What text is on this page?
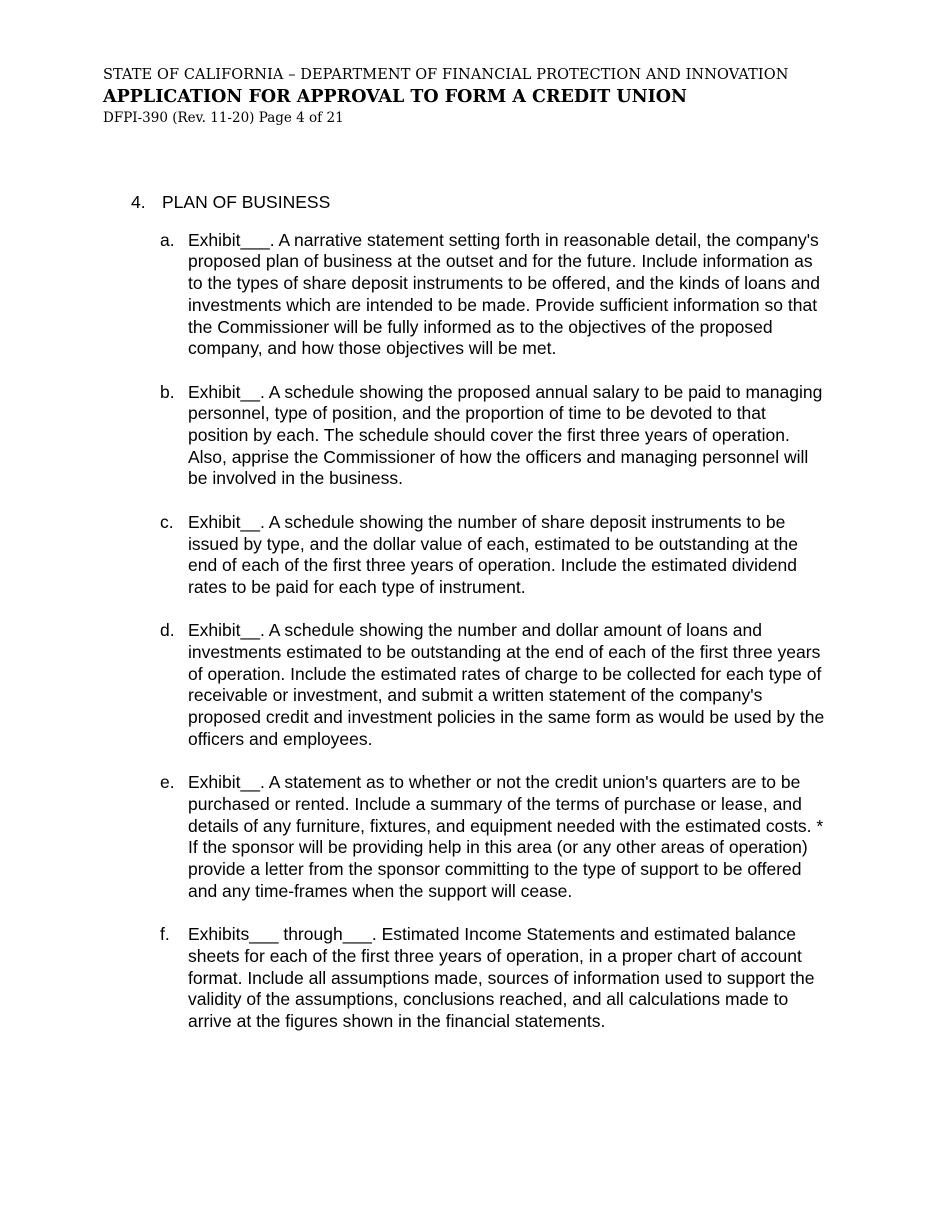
STATE OF CALIFORNIA – DEPARTMENT OF FINANCIAL PROTECTION AND INNOVATION
APPLICATION FOR APPROVAL TO FORM A CREDIT UNION
DFPI-390 (Rev. 11-20) Page 4 of 21
4. PLAN OF BUSINESS
a. Exhibit___. A narrative statement setting forth in reasonable detail, the company's
proposed plan of business at the outset and for the future. Include information as
to the types of share deposit instruments to be offered, and the kinds of loans and
investments which are intended to be made. Provide sufficient information so that
the Commissioner will be fully informed as to the objectives of the proposed
company, and how those objectives will be met.
b. Exhibit__. A schedule showing the proposed annual salary to be paid to managing
personnel, type of position, and the proportion of time to be devoted to that
position by each. The schedule should cover the first three years of operation.
Also, apprise the Commissioner of how the officers and managing personnel will
be involved in the business.
c. Exhibit__. A schedule showing the number of share deposit instruments to be
issued by type, and the dollar value of each, estimated to be outstanding at the
end of each of the first three years of operation. Include the estimated dividend
rates to be paid for each type of instrument.
d. Exhibit__. A schedule showing the number and dollar amount of loans and
investments estimated to be outstanding at the end of each of the first three years
of operation. Include the estimated rates of charge to be collected for each type of
receivable or investment, and submit a written statement of the company's
proposed credit and investment policies in the same form as would be used by the
officers and employees.
e. Exhibit__. A statement as to whether or not the credit union's quarters are to be
purchased or rented. Include a summary of the terms of purchase or lease, and
details of any furniture, fixtures, and equipment needed with the estimated costs. *
If the sponsor will be providing help in this area (or any other areas of operation)
provide a letter from the sponsor committing to the type of support to be offered
and any time-frames when the support will cease.
f.	Exhibits___ through___. Estimated Income Statements and estimated balance
sheets for each of the first three years of operation, in a proper chart of account
format. Include all assumptions made, sources of information used to support the
validity of the assumptions, conclusions reached, and all calculations made to
arrive at the figures shown in the financial statements.
